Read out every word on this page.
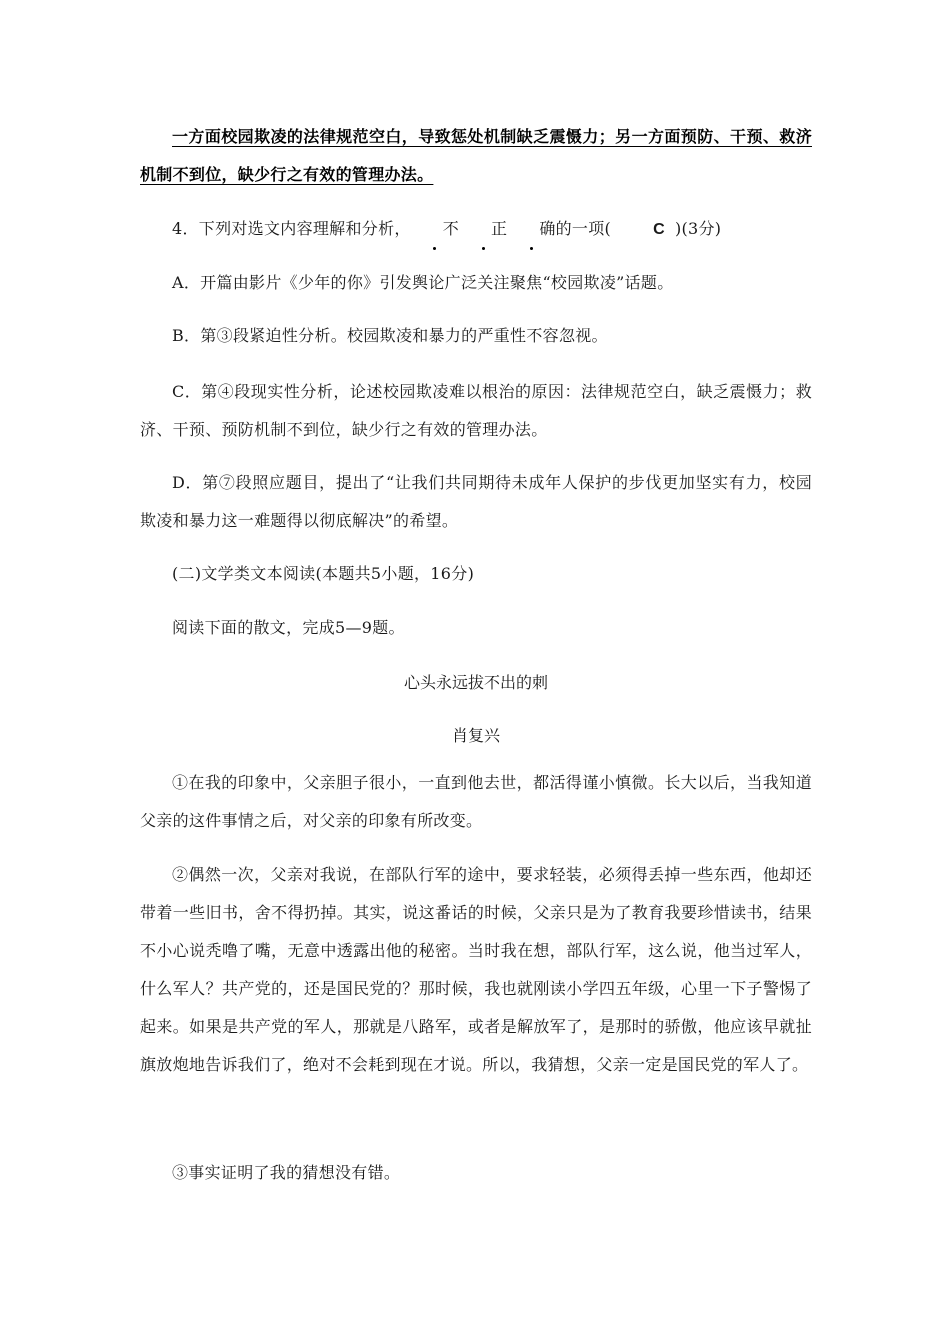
一方面校园欺凌的法律规范空白，导致惩处机制缺乏震慑力；另一方面预防、干预、救济机制不到位，缺少行之有效的管理办法。
4．下列对选文内容理解和分析， 不 正 确的一项(	C )(3分)
A．开篇由影片《少年的你》引发舆论广泛关注聚焦“校园欺凌”话题。
B．第③段紧迫性分析。校园欺凌和暴力的严重性不容忽视。
C．第④段现实性分析，论述校园欺凌难以根治的原因：法律规范空白，缺乏震慑力；救济、干预、预防机制不到位，缺少行之有效的管理办法。
D．第⑦段照应题目，提出了“让我们共同期待未成年人保护的步伐更加坚实有力，校园欺凌和暴力这一难题得以彻底解决”的希望。
(二)文学类文本阅读(本题共5小题，16分)
阅读下面的散文，完成5—9题。
心头永远拔不出的刺
肖复兴
①在我的印象中，父亲胆子很小，一直到他去世，都活得谨小慎微。长大以后，当我知道父亲的这件事情之后，对父亲的印象有所改变。
②偶然一次，父亲对我说，在部队行军的途中，要求轻装，必须得丢掉一些东西，他却还带着一些旧书，舍不得扔掉。其实，说这番话的时候，父亲只是为了教育我要珍惜读书，结果不小心说秃噜了嘴，无意中透露出他的秘密。当时我在想，部队行军，这么说，他当过军人，什么军人？共产党的，还是国民党的？那时候，我也就刚读小学四五年级，心里一下子警惕了起来。如果是共产党的军人，那就是八路军，或者是解放军了，是那时的骄傲，他应该早就扯旗放炮地告诉我们了，绝对不会耗到现在才说。所以，我猜想，父亲一定是国民党的军人了。
③事实证明了我的猜想没有错。
